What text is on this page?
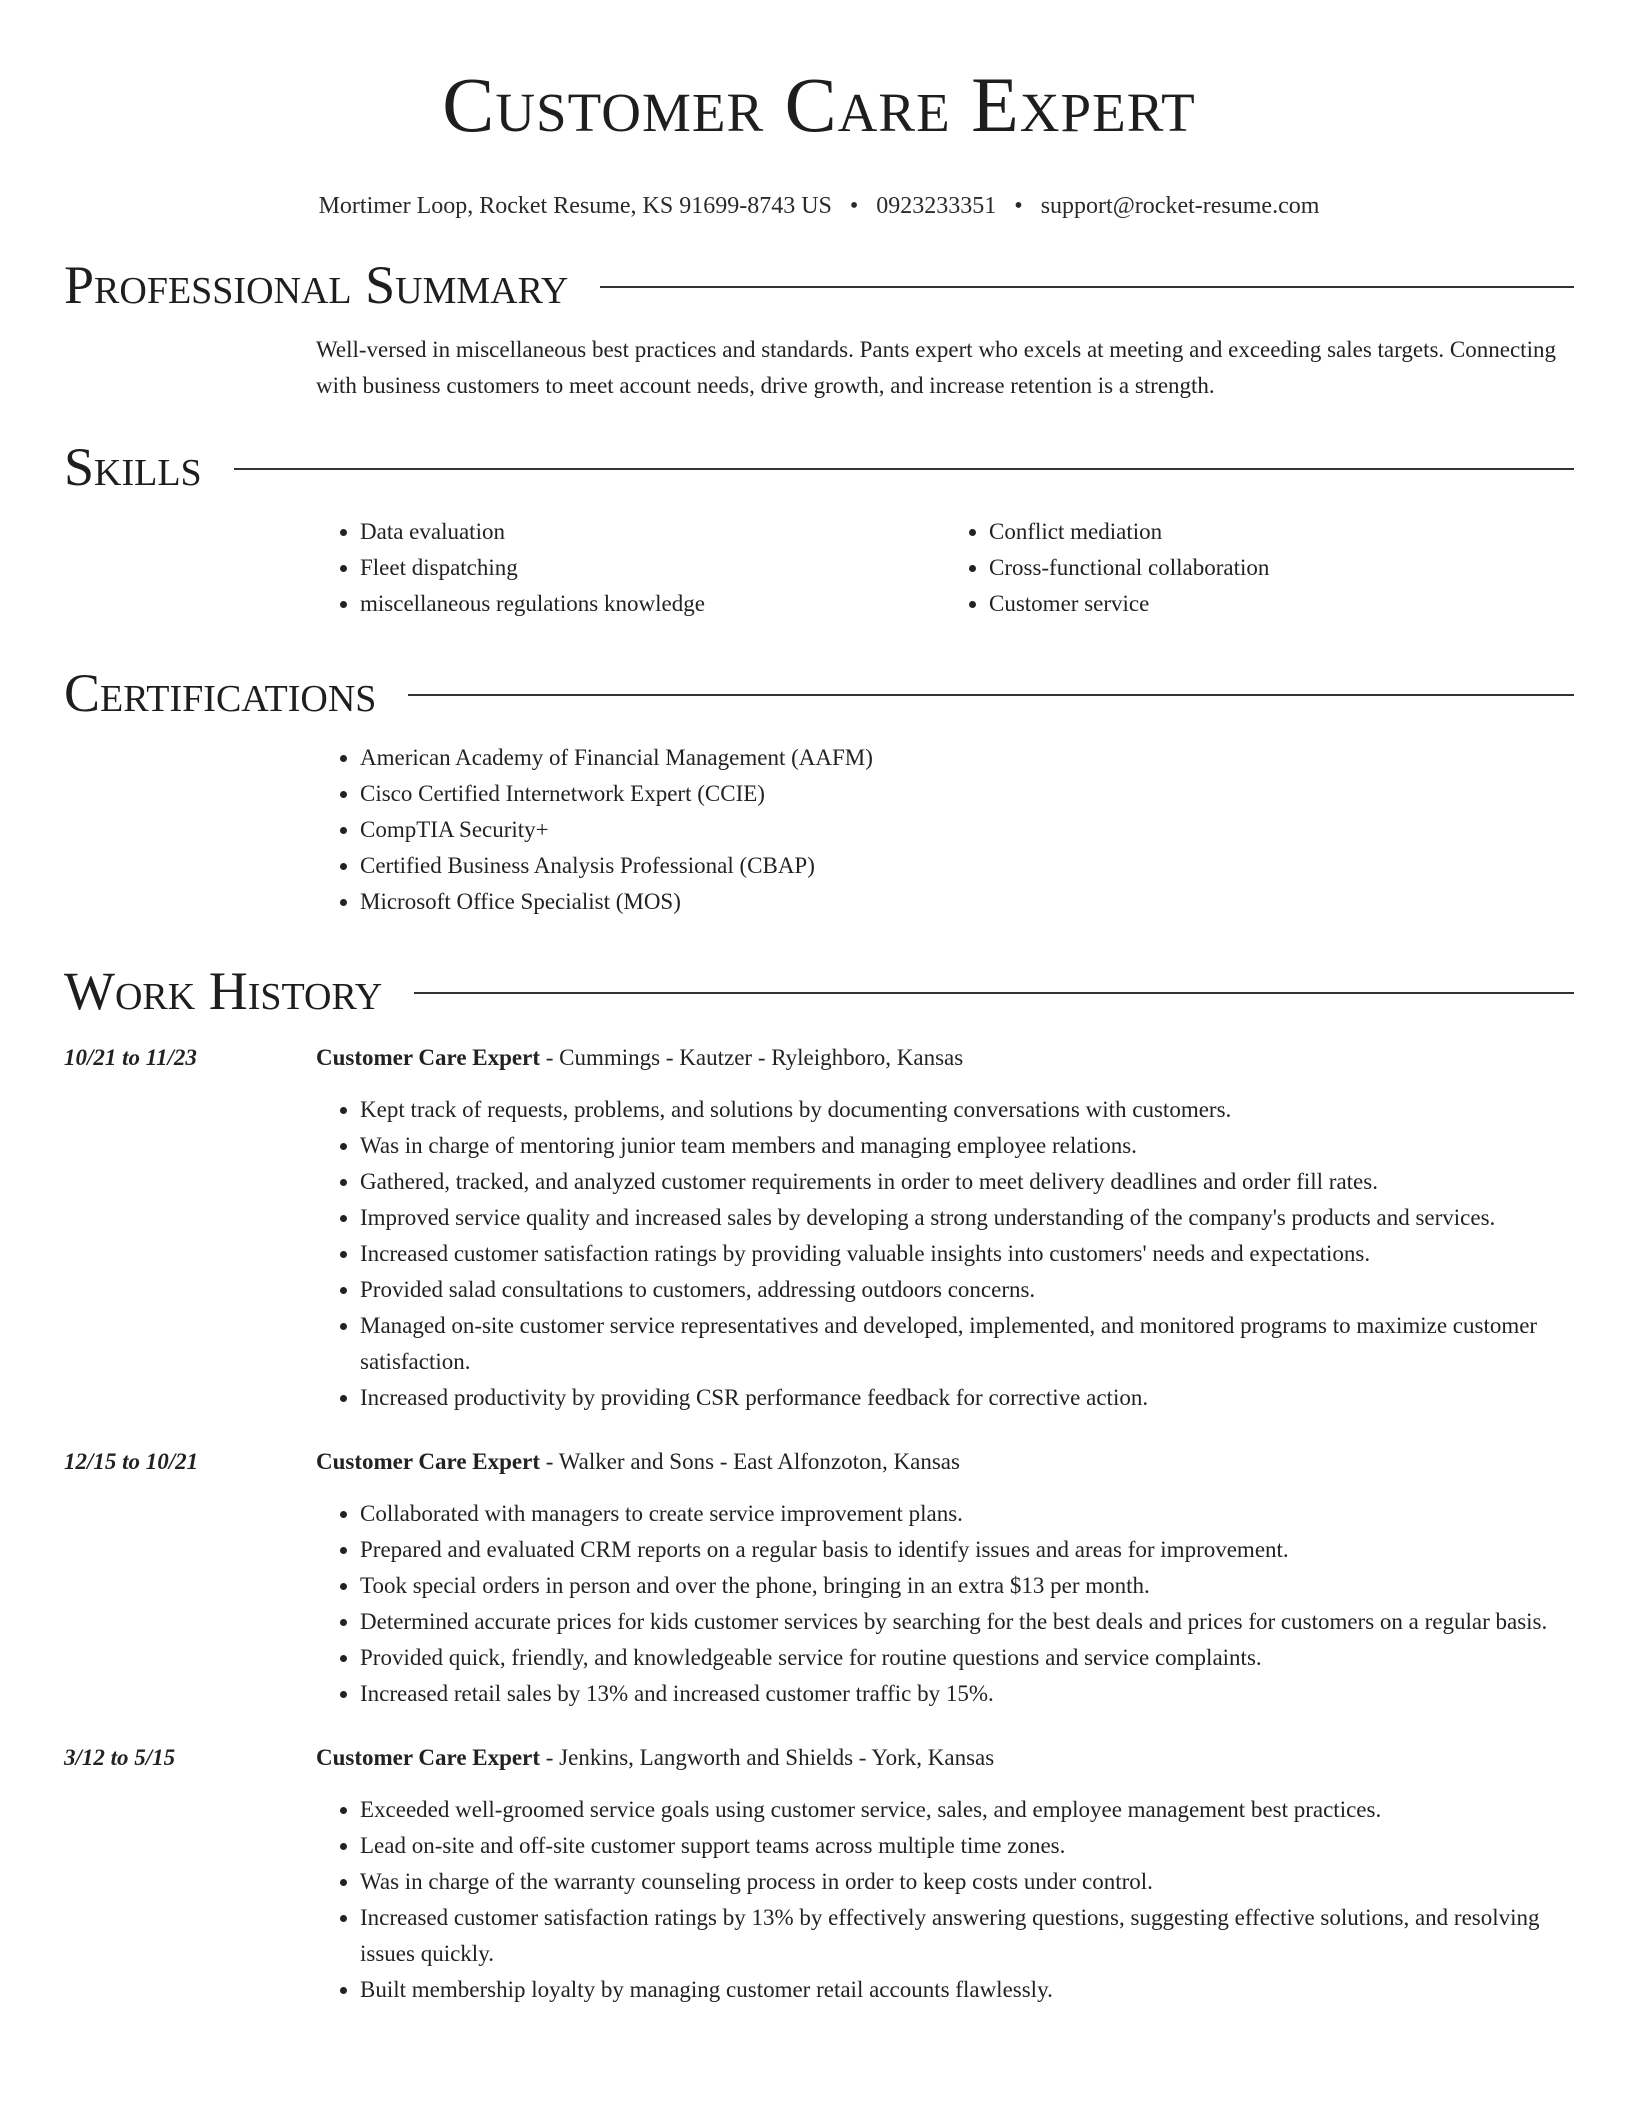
Customer Care Expert
Mortimer Loop, Rocket Resume, KS 91699-8743 US • 0923233351 • support@rocket-resume.com
Professional Summary

Well-versed in miscellaneous best practices and standards. Pants expert who excels at meeting and exceeding sales targets. Connecting with business customers to meet account needs, drive growth, and increase retention is a strength.

Skills
• Data evaluation
• Fleet dispatching
• miscellaneous regulations knowledge
• Conflict mediation
• Cross-functional collaboration
• Customer service
Certifications
• American Academy of Financial Management (AAFM)
• Cisco Certified Internetwork Expert (CCIE)
• CompTIA Security+
• Certified Business Analysis Professional (CBAP)
• Microsoft Office Specialist (MOS)
Work History
10/21 to 11/23	Customer Care Expert - Cummings - Kautzer - Ryleighboro, Kansas
• Kept track of requests, problems, and solutions by documenting conversations with customers.
• Was in charge of mentoring junior team members and managing employee relations.
• Gathered, tracked, and analyzed customer requirements in order to meet delivery deadlines and order fill rates.
• Improved service quality and increased sales by developing a strong understanding of the company's products and services.
• Increased customer satisfaction ratings by providing valuable insights into customers' needs and expectations.
• Provided salad consultations to customers, addressing outdoors concerns.
• Managed on-site customer service representatives and developed, implemented, and monitored programs to maximize customer satisfaction.
• Increased productivity by providing CSR performance feedback for corrective action.
12/15 to 10/21	Customer Care Expert - Walker and Sons - East Alfonzoton, Kansas
• Collaborated with managers to create service improvement plans.
• Prepared and evaluated CRM reports on a regular basis to identify issues and areas for improvement.
• Took special orders in person and over the phone, bringing in an extra $13 per month.
• Determined accurate prices for kids customer services by searching for the best deals and prices for customers on a regular basis.
• Provided quick, friendly, and knowledgeable service for routine questions and service complaints.
• Increased retail sales by 13% and increased customer traffic by 15%.
3/12 to 5/15	Customer Care Expert - Jenkins, Langworth and Shields - York, Kansas
• Exceeded well-groomed service goals using customer service, sales, and employee management best practices.
• Lead on-site and off-site customer support teams across multiple time zones.
• Was in charge of the warranty counseling process in order to keep costs under control.
• Increased customer satisfaction ratings by 13% by effectively answering questions, suggesting effective solutions, and resolving issues quickly.
• Built membership loyalty by managing customer retail accounts flawlessly.
